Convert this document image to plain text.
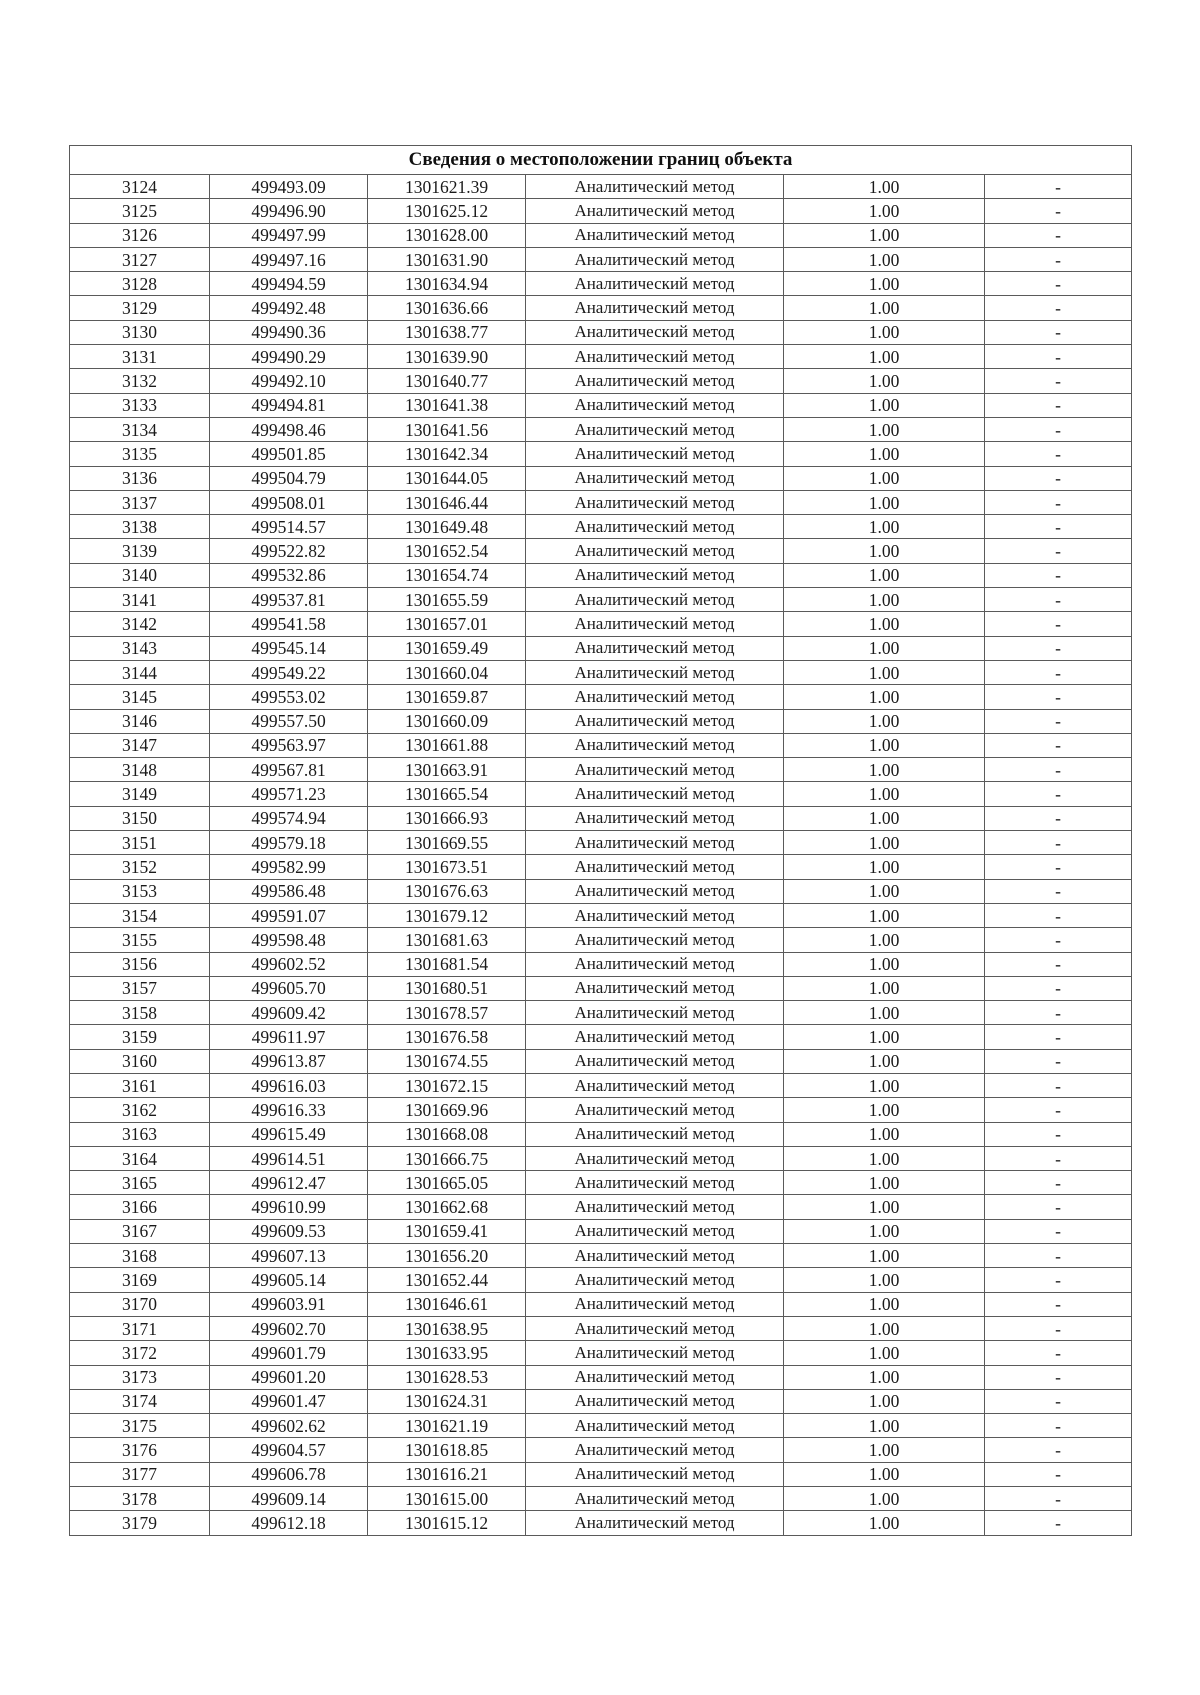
Сведения о местоположении границ объекта					
3124	499493.09	1301621.39	Аналитический метод	1.00	-
3125	499496.90	1301625.12	Аналитический метод	1.00	-
3126	499497.99	1301628.00	Аналитический метод	1.00	-
3127	499497.16	1301631.90	Аналитический метод	1.00	-
3128	499494.59	1301634.94	Аналитический метод	1.00	-
3129	499492.48	1301636.66	Аналитический метод	1.00	-
3130	499490.36	1301638.77	Аналитический метод	1.00	-
3131	499490.29	1301639.90	Аналитический метод	1.00	-
3132	499492.10	1301640.77	Аналитический метод	1.00	-
3133	499494.81	1301641.38	Аналитический метод	1.00	-
3134	499498.46	1301641.56	Аналитический метод	1.00	-
3135	499501.85	1301642.34	Аналитический метод	1.00	-
3136	499504.79	1301644.05	Аналитический метод	1.00	-
3137	499508.01	1301646.44	Аналитический метод	1.00	-
3138	499514.57	1301649.48	Аналитический метод	1.00	-
3139	499522.82	1301652.54	Аналитический метод	1.00	-
3140	499532.86	1301654.74	Аналитический метод	1.00	-
3141	499537.81	1301655.59	Аналитический метод	1.00	-
3142	499541.58	1301657.01	Аналитический метод	1.00	-
3143	499545.14	1301659.49	Аналитический метод	1.00	-
3144	499549.22	1301660.04	Аналитический метод	1.00	-
3145	499553.02	1301659.87	Аналитический метод	1.00	-
3146	499557.50	1301660.09	Аналитический метод	1.00	-
3147	499563.97	1301661.88	Аналитический метод	1.00	-
3148	499567.81	1301663.91	Аналитический метод	1.00	-
3149	499571.23	1301665.54	Аналитический метод	1.00	-
3150	499574.94	1301666.93	Аналитический метод	1.00	-
3151	499579.18	1301669.55	Аналитический метод	1.00	-
3152	499582.99	1301673.51	Аналитический метод	1.00	-
3153	499586.48	1301676.63	Аналитический метод	1.00	-
3154	499591.07	1301679.12	Аналитический метод	1.00	-
3155	499598.48	1301681.63	Аналитический метод	1.00	-
3156	499602.52	1301681.54	Аналитический метод	1.00	-
3157	499605.70	1301680.51	Аналитический метод	1.00	-
3158	499609.42	1301678.57	Аналитический метод	1.00	-
3159	499611.97	1301676.58	Аналитический метод	1.00	-
3160	499613.87	1301674.55	Аналитический метод	1.00	-
3161	499616.03	1301672.15	Аналитический метод	1.00	-
3162	499616.33	1301669.96	Аналитический метод	1.00	-
3163	499615.49	1301668.08	Аналитический метод	1.00	-
3164	499614.51	1301666.75	Аналитический метод	1.00	-
3165	499612.47	1301665.05	Аналитический метод	1.00	-
3166	499610.99	1301662.68	Аналитический метод	1.00	-
3167	499609.53	1301659.41	Аналитический метод	1.00	-
3168	499607.13	1301656.20	Аналитический метод	1.00	-
3169	499605.14	1301652.44	Аналитический метод	1.00	-
3170	499603.91	1301646.61	Аналитический метод	1.00	-
3171	499602.70	1301638.95	Аналитический метод	1.00	-
3172	499601.79	1301633.95	Аналитический метод	1.00	-
3173	499601.20	1301628.53	Аналитический метод	1.00	-
3174	499601.47	1301624.31	Аналитический метод	1.00	-
3175	499602.62	1301621.19	Аналитический метод	1.00	-
3176	499604.57	1301618.85	Аналитический метод	1.00	-
3177	499606.78	1301616.21	Аналитический метод	1.00	-
3178	499609.14	1301615.00	Аналитический метод	1.00	-
3179	499612.18	1301615.12	Аналитический метод	1.00	-
